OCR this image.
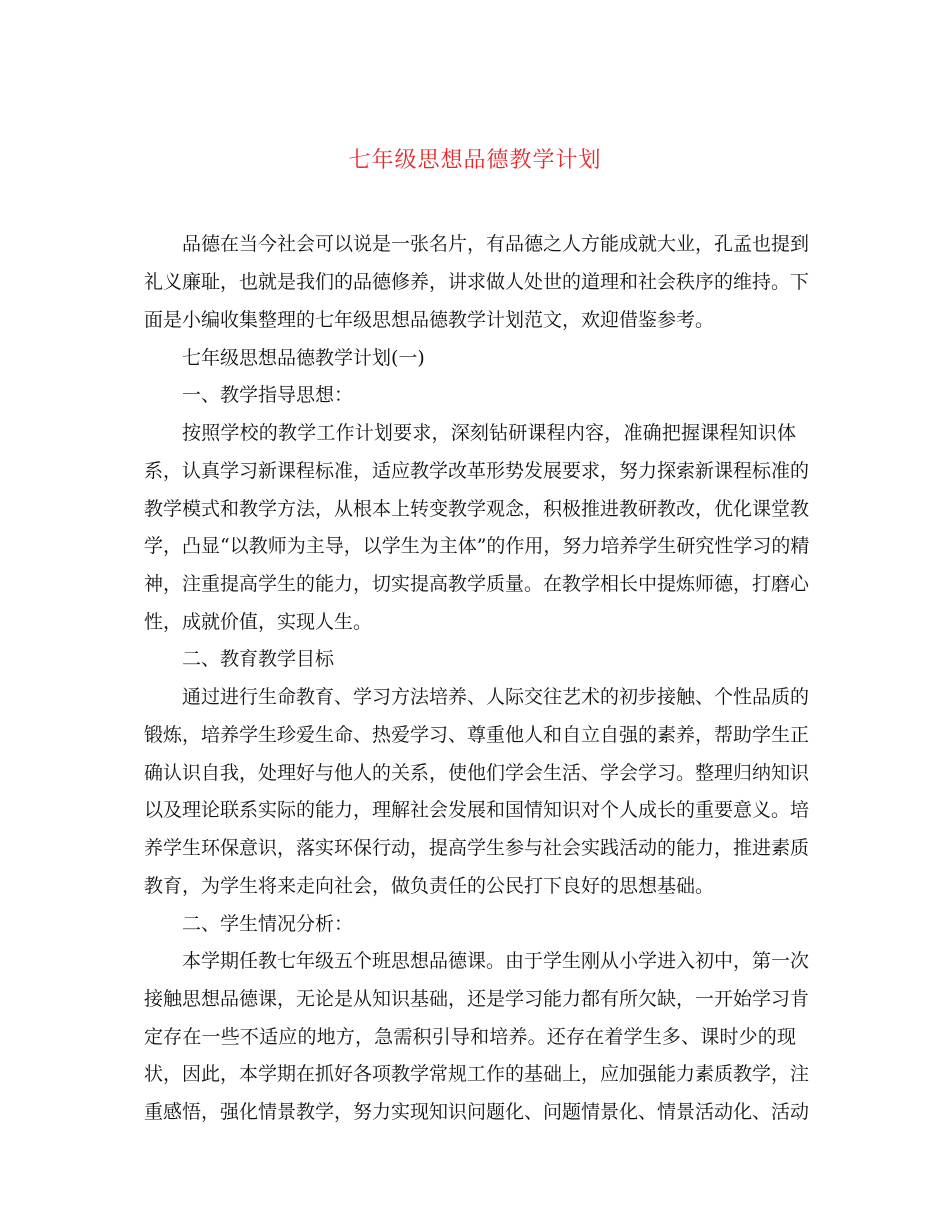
七年级思想品德教学计划
品德在当今社会可以说是一张名片，有品德之人方能成就大业，孔孟也提到
礼义廉耻，也就是我们的品德修养，讲求做人处世的道理和社会秩序的维持。下
面是小编收集整理的七年级思想品德教学计划范文，欢迎借鉴参考。
七年级思想品德教学计划(一)
一、教学指导思想：
按照学校的教学工作计划要求，深刻钻研课程内容，准确把握课程知识体
系，认真学习新课程标准，适应教学改革形势发展要求，努力探索新课程标准的
教学模式和教学方法，从根本上转变教学观念，积极推进教研教改，优化课堂教
学，凸显“以教师为主导，以学生为主体”的作用，努力培养学生研究性学习的精
神，注重提高学生的能力，切实提高教学质量。在教学相长中提炼师德，打磨心
性，成就价值，实现人生。
二、教育教学目标
通过进行生命教育、学习方法培养、人际交往艺术的初步接触、个性品质的
锻炼，培养学生珍爱生命、热爱学习、尊重他人和自立自强的素养，帮助学生正
确认识自我，处理好与他人的关系，使他们学会生活、学会学习。整理归纳知识
以及理论联系实际的能力，理解社会发展和国情知识对个人成长的重要意义。培
养学生环保意识，落实环保行动，提高学生参与社会实践活动的能力，推进素质
教育，为学生将来走向社会，做负责任的公民打下良好的思想基础。
二、学生情况分析：
本学期任教七年级五个班思想品德课。由于学生刚从小学进入初中，第一次
接触思想品德课，无论是从知识基础，还是学习能力都有所欠缺，一开始学习肯
定存在一些不适应的地方，急需积引导和培养。还存在着学生多、课时少的现
状，因此，本学期在抓好各项教学常规工作的基础上，应加强能力素质教学，注
重感悟，强化情景教学，努力实现知识问题化、问题情景化、情景活动化、活动
